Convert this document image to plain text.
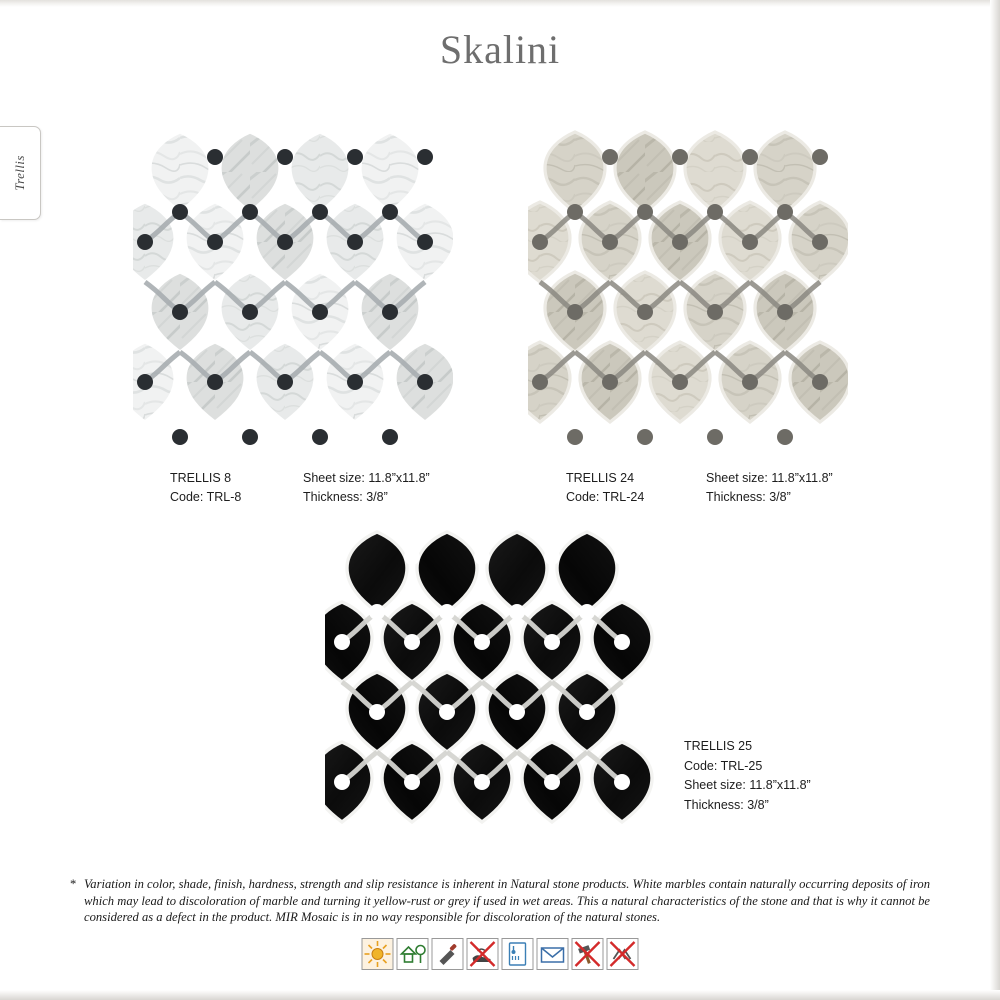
Trellis
Skalini
TRELLIS 8
Code: TRL-8
Sheet size: 11.8”x11.8”
Thickness: 3/8”
TRELLIS 24
Code: TRL-24
Sheet size: 11.8”x11.8”
Thickness: 3/8”
TRELLIS 25
Code: TRL-25
Sheet size: 11.8”x11.8”
Thickness: 3/8”
* Variation in color, shade, finish, hardness, strength and slip resistance is inherent in Natural stone products. White marbles contain naturally occurring deposits of iron which may lead to discoloration of marble and turning it yellow-rust or grey if used in wet areas. This a natural characteristics of the stone and that is why it cannot be considered as a defect in the product. MIR Mosaic is in no way responsible for discoloration of the natural stones.
